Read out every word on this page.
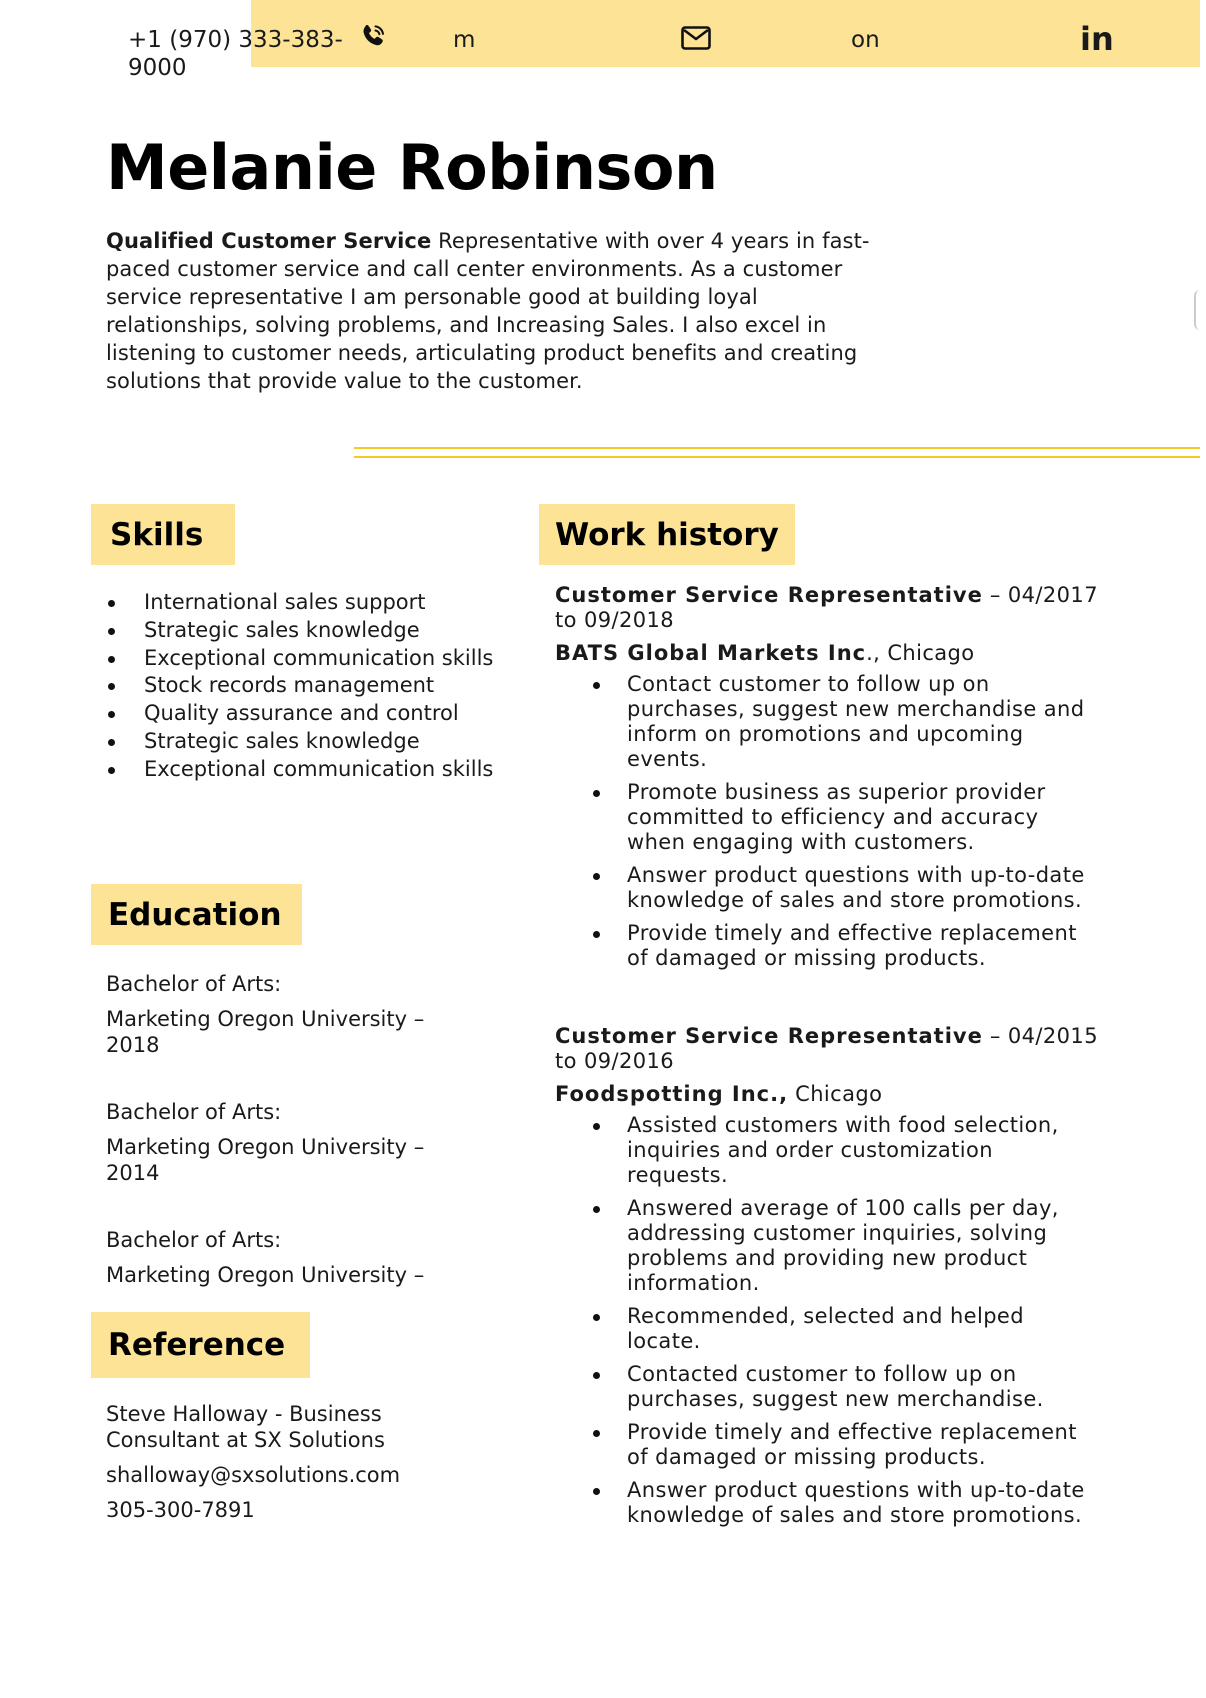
+1 (970) 333-383-9000
m	on	in
Melanie Robinson

Qualified Customer Service Representative with over 4 years in fast-paced customer service and call center environments. As a customer service representative I am personable good at building loyal relationships, solving problems, and Increasing Sales. I also excel in listening to customer needs, articulating product benefits and creating solutions that provide value to the customer.

Skills
International sales support
Strategic sales knowledge
Exceptional communication skills
Stock records management
Quality assurance and control
Strategic sales knowledge
Exceptional communication skills
Education

Bachelor of Arts:

Marketing Oregon University – 2018

Bachelor of Arts:

Marketing Oregon University – 2014

Bachelor of Arts:

Marketing Oregon University –

Reference

Steve Halloway - Business Consultant at SX Solutions

shalloway@sxsolutions.com

305-300-7891

Work history

Customer Service Representative – 04/2017 to 09/2018

BATS Global Markets Inc., Chicago

Contact customer to follow up on purchases, suggest new merchandise and inform on promotions and upcoming events.
Promote business as superior provider committed to efficiency and accuracy when engaging with customers.
Answer product questions with up-to-date knowledge of sales and store promotions.
Provide timely and effective replacement of damaged or missing products.

Customer Service Representative – 04/2015 to 09/2016

Foodspotting Inc., Chicago

Assisted customers with food selection, inquiries and order customization requests.
Answered average of 100 calls per day, addressing customer inquiries, solving problems and providing new product information.
Recommended, selected and helped locate.
Contacted customer to follow up on purchases, suggest new merchandise.
Provide timely and effective replacement of damaged or missing products.
Answer product questions with up-to-date knowledge of sales and store promotions.
